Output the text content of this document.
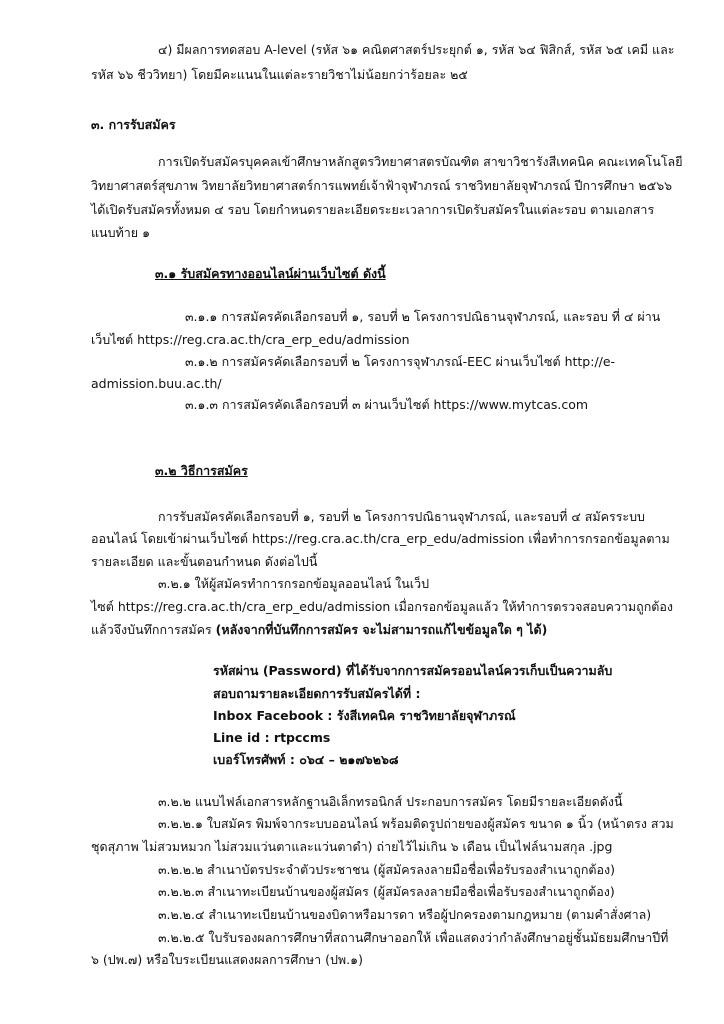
๔) มีผลการทดสอบ A-level (รหัส ๖๑ คณิตศาสตร์ประยุกต์ ๑, รหัส ๖๔ ฟิสิกส์, รหัส ๖๕ เคมี และ
รหัส ๖๖ ชีววิทยา) โดยมีคะแนนในแต่ละรายวิชาไม่น้อยกว่าร้อยละ ๒๕
๓. การรับสมัคร
การเปิดรับสมัครบุคคลเข้าศึกษาหลักสูตรวิทยาศาสตรบัณฑิต สาขาวิชารังสีเทคนิค คณะเทคโนโลยี
วิทยาศาสตร์สุขภาพ วิทยาลัยวิทยาศาสตร์การแพทย์เจ้าฟ้าจุฬาภรณ์ ราชวิทยาลัยจุฬาภรณ์ ปีการศึกษา ๒๕๖๖
ได้เปิดรับสมัครทั้งหมด ๔ รอบ โดยกำหนดรายละเอียดระยะเวลาการเปิดรับสมัครในแต่ละรอบ ตามเอกสาร
แนบท้าย ๑
๓.๑ รับสมัครทางออนไลน์ผ่านเว็บไซต์ ดังนี้
๓.๑.๑ การสมัครคัดเลือกรอบที่ ๑, รอบที่ ๒ โครงการปณิธานจุฬาภรณ์, และรอบ ที่ ๔ ผ่าน
เว็บไซต์ https://reg.cra.ac.th/cra_erp_edu/admission
๓.๑.๒ การสมัครคัดเลือกรอบที่ ๒ โครงการจุฬาภรณ์-EEC ผ่านเว็บไซต์ http://e-
admission.buu.ac.th/
๓.๑.๓ การสมัครคัดเลือกรอบที่ ๓ ผ่านเว็บไซต์ https://www.mytcas.com
๓.๒ วิธีการสมัคร
การรับสมัครคัดเลือกรอบที่ ๑, รอบที่ ๒ โครงการปณิธานจุฬาภรณ์, และรอบที่ ๔ สมัครระบบ
ออนไลน์ โดยเข้าผ่านเว็บไซต์ https://reg.cra.ac.th/cra_erp_edu/admission เพื่อทำการกรอกข้อมูลตาม
รายละเอียด และขั้นตอนกำหนด ดังต่อไปนี้
๓.๒.๑ ให้ผู้สมัครทำการกรอกข้อมูลออนไลน์ ในเว็ป
ไซต์ https://reg.cra.ac.th/cra_erp_edu/admission เมื่อกรอกข้อมูลแล้ว ให้ทำการตรวจสอบความถูกต้อง
แล้วจึงบันทึกการสมัคร (หลังจากที่บันทึกการสมัคร จะไม่สามารถแก้ไขข้อมูลใด ๆ ได้)
รหัสผ่าน (Password) ที่ได้รับจากการสมัครออนไลน์ควรเก็บเป็นความลับ
สอบถามรายละเอียดการรับสมัครได้ที่ :
Inbox Facebook : รังสีเทคนิค ราชวิทยาลัยจุฬาภรณ์
Line id : rtpccms
เบอร์โทรศัพท์ : ๐๖๔ – ๒๑๗๖๒๖๘
๓.๒.๒ แนบไฟล์เอกสารหลักฐานอิเล็กทรอนิกส์ ประกอบการสมัคร โดยมีรายละเอียดดังนี้
๓.๒.๒.๑ ใบสมัคร พิมพ์จากระบบออนไลน์ พร้อมติดรูปถ่ายของผู้สมัคร ขนาด ๑ นิ้ว (หน้าตรง สวม
ชุดสุภาพ ไม่สวมหมวก ไม่สวมแว่นตาและแว่นตาดำ) ถ่ายไว้ไม่เกิน ๖ เดือน เป็นไฟล์นามสกุล .jpg
๓.๒.๒.๒ สำเนาบัตรประจำตัวประชาชน (ผู้สมัครลงลายมือชื่อเพื่อรับรองสำเนาถูกต้อง)
๓.๒.๒.๓ สำเนาทะเบียนบ้านของผู้สมัคร (ผู้สมัครลงลายมือชื่อเพื่อรับรองสำเนาถูกต้อง)
๓.๒.๒.๔ สำเนาทะเบียนบ้านของบิดาหรือมารดา หรือผู้ปกครองตามกฎหมาย (ตามคำสั่งศาล)
๓.๒.๒.๕ ใบรับรองผลการศึกษาที่สถานศึกษาออกให้ เพื่อแสดงว่ากำลังศึกษาอยู่ชั้นมัธยมศึกษาปีที่
๖ (ปพ.๗) หรือใบระเบียนแสดงผลการศึกษา (ปพ.๑)
